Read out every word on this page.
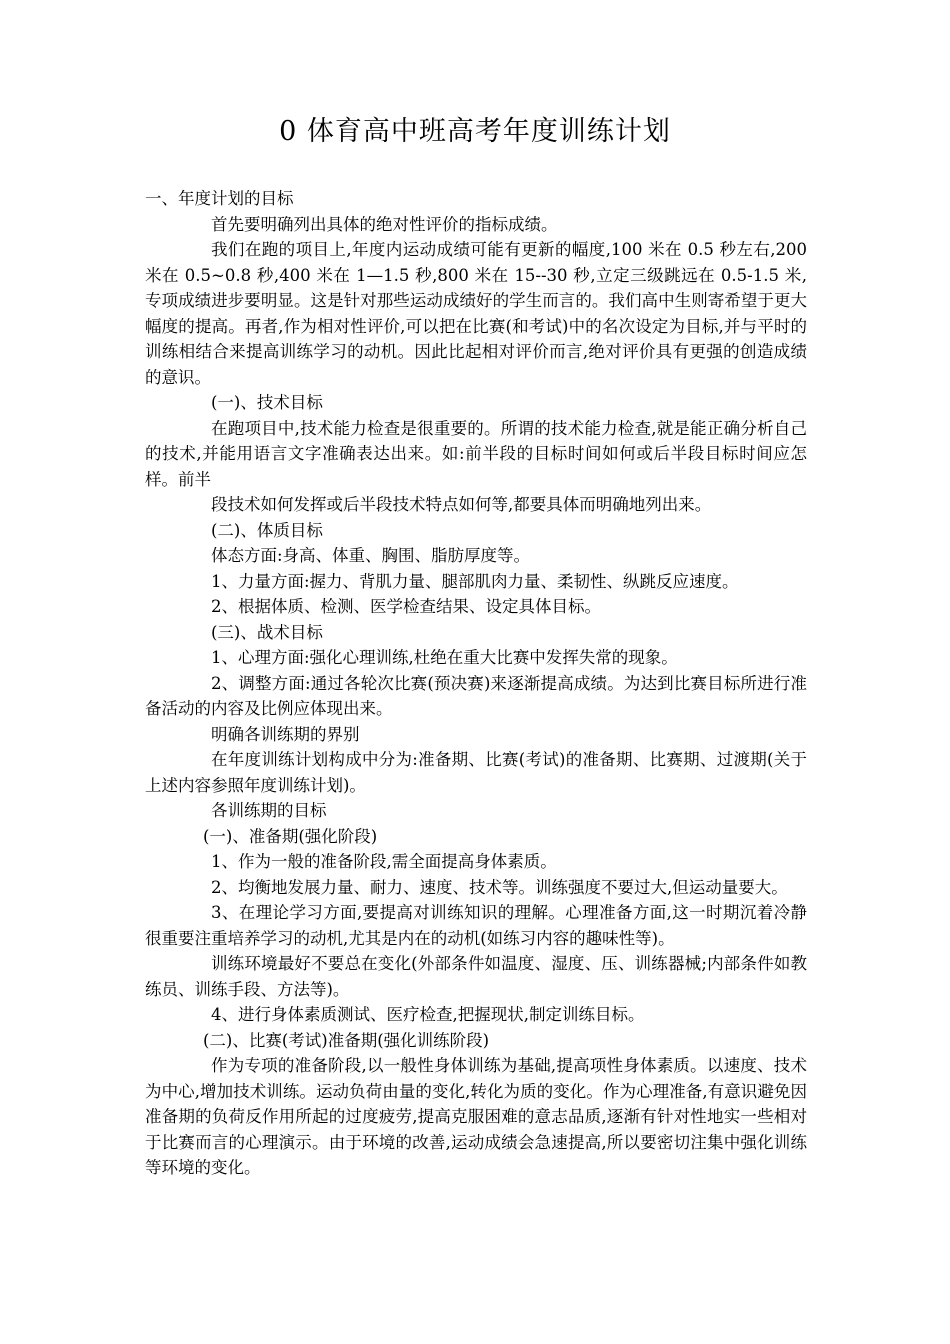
0 体育高中班高考年度训练计划

一、年度计划的目标

首先要明确列出具体的绝对性评价的指标成绩。

我们在跑的项目上,年度内运动成绩可能有更新的幅度,100 米在 0.5 秒左右,200 米在 0.5~0.8 秒,400 米在 1—1.5 秒,800 米在 15--30 秒,立定三级跳远在 0.5-1.5 米,专项成绩进步要明显。这是针对那些运动成绩好的学生而言的。我们高中生则寄希望于更大幅度的提高。再者,作为相对性评价,可以把在比赛(和考试)中的名次设定为目标,并与平时的训练相结合来提高训练学习的动机。因此比起相对评价而言,绝对评价具有更强的创造成绩的意识。

(一)、技术目标

在跑项目中,技术能力检查是很重要的。所谓的技术能力检查,就是能正确分析自己的技术,并能用语言文字准确表达出来。如:前半段的目标时间如何或后半段目标时间应怎样。前半

段技术如何发挥或后半段技术特点如何等,都要具体而明确地列出来。

(二)、体质目标

体态方面:身高、体重、胸围、脂肪厚度等。

1、力量方面:握力、背肌力量、腿部肌肉力量、柔韧性、纵跳反应速度。

2、根据体质、检测、医学检查结果、设定具体目标。

(三)、战术目标

1、心理方面:强化心理训练,杜绝在重大比赛中发挥失常的现象。

2、调整方面:通过各轮次比赛(预决赛)来逐渐提高成绩。为达到比赛目标所进行准备活动的内容及比例应体现出来。

明确各训练期的界别

在年度训练计划构成中分为:准备期、比赛(考试)的准备期、比赛期、过渡期(关于上述内容参照年度训练计划)。

各训练期的目标

(一)、准备期(强化阶段)

1、作为一般的准备阶段,需全面提高身体素质。

2、均衡地发展力量、耐力、速度、技术等。训练强度不要过大,但运动量要大。

3、在理论学习方面,要提高对训练知识的理解。心理准备方面,这一时期沉着冷静很重要注重培养学习的动机,尤其是内在的动机(如练习内容的趣味性等)。

训练环境最好不要总在变化(外部条件如温度、湿度、压、训练器械;内部条件如教练员、训练手段、方法等)。

4、进行身体素质测试、医疗检查,把握现状,制定训练目标。

(二)、比赛(考试)准备期(强化训练阶段)

作为专项的准备阶段,以一般性身体训练为基础,提高项性身体素质。以速度、技术为中心,增加技术训练。运动负荷由量的变化,转化为质的变化。作为心理准备,有意识避免因准备期的负荷反作用所起的过度疲劳,提高克服困难的意志品质,逐渐有针对性地实一些相对于比赛而言的心理演示。由于环境的改善,运动成绩会急速提高,所以要密切注集中强化训练等环境的变化。
